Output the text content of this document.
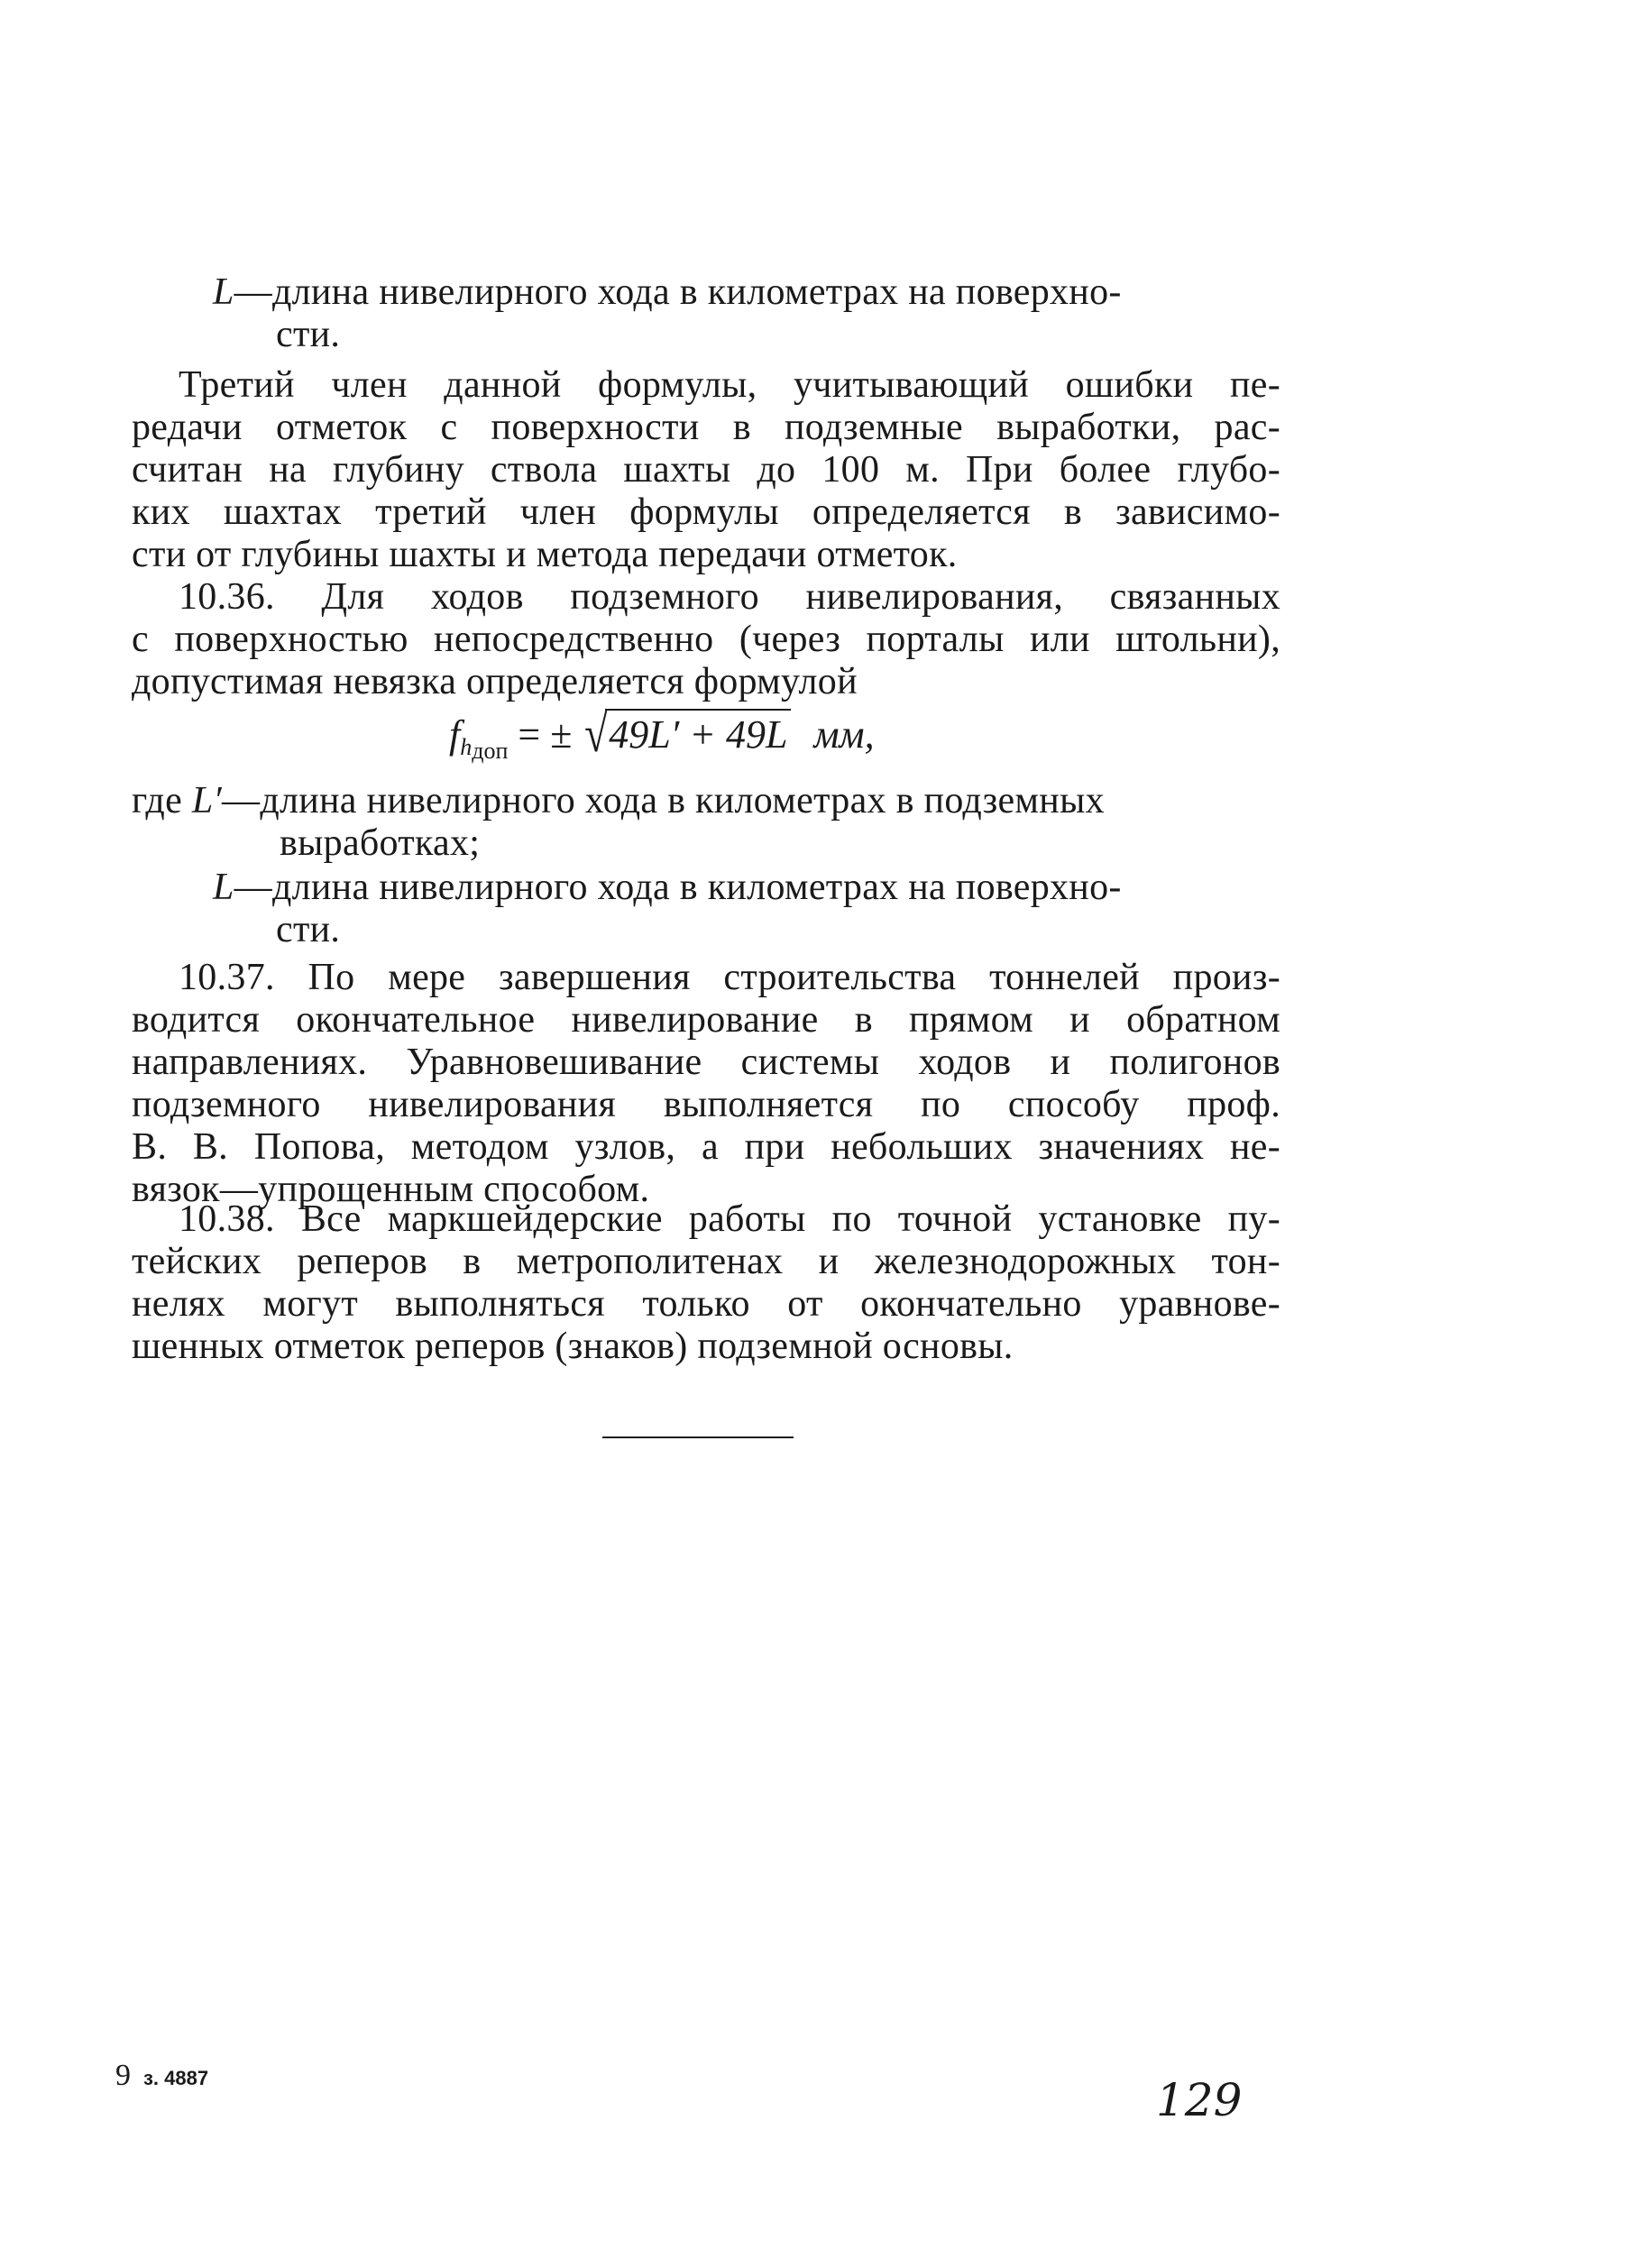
L—длина нивелирного хода в километрах на поверхно-
сти.
Третий член данной формулы, учитывающий ошибки пе-
редачи отметок с поверхности в подземные выработки, рас-
считан на глубину ствола шахты до 100 м. При более глубо-
ких шахтах третий член формулы определяется в зависимо-
сти от глубины шахты и метода передачи отметок.
10.36. Для ходов подземного нивелирования, связанных
с поверхностью непосредственно (через порталы или штольни),
допустимая невязка определяется формулой
$fh_{доп}$ = ± √49L′ + 49L мм,
где L′—длина нивелирного хода в километрах в подземных
выработках;
L—длина нивелирного хода в километрах на поверхно-
сти.
10.37. По мере завершения строительства тоннелей произ-
водится окончательное нивелирование в прямом и обратном
направлениях. Уравновешивание системы ходов и полигонов
подземного нивелирования выполняется по способу проф.
В. В. Попова, методом узлов, а при небольших значениях не-
вязок—упрощенным способом.
10.38. Все маркшейдерские работы по точной установке пу-
тейских реперов в метрополитенах и железнодорожных тон-
нелях могут выполняться только от окончательно уравнове-
шенных отметок реперов (знаков) подземной основы.
9 з. 4887	129
